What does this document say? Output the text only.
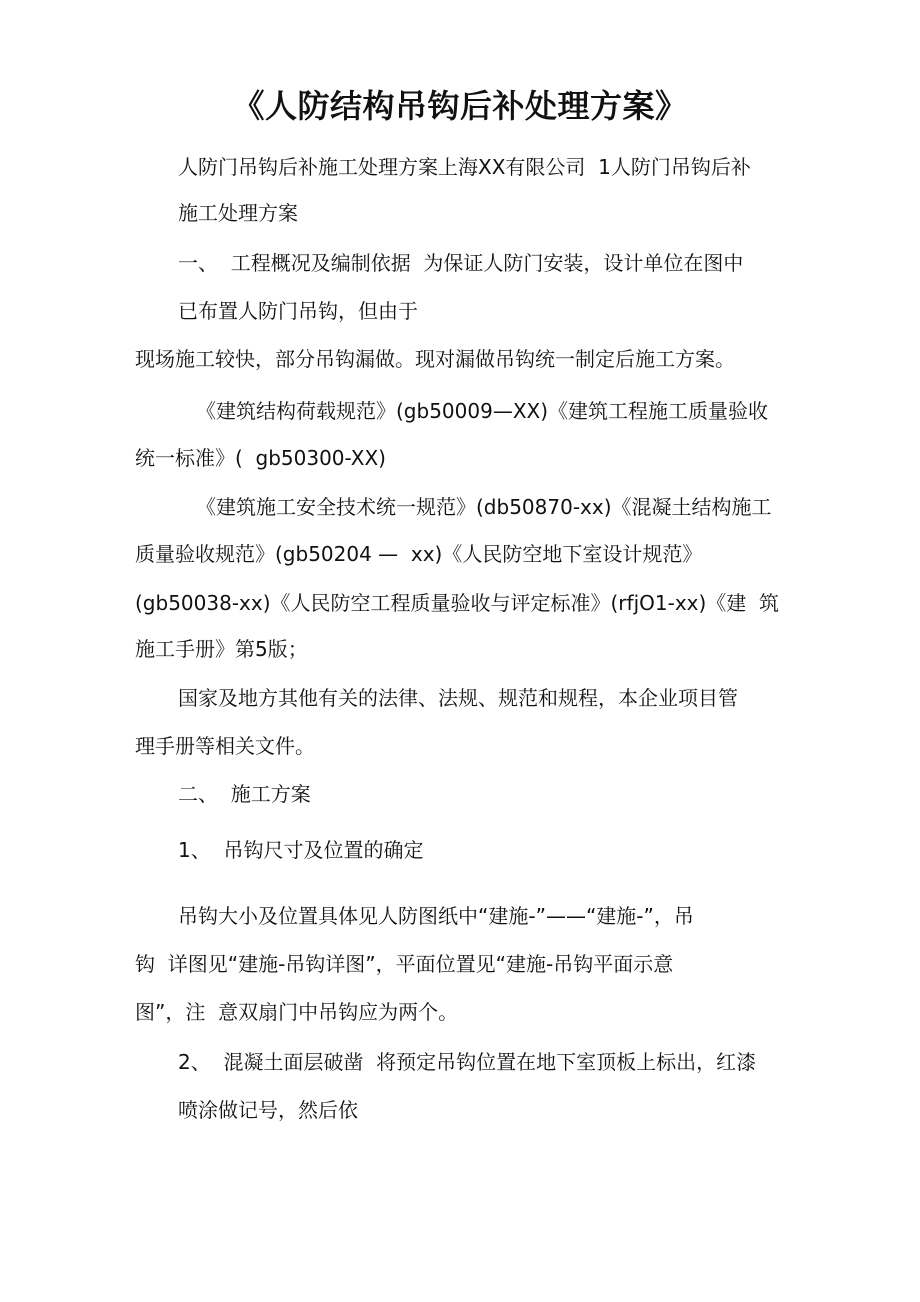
《人防结构吊钩后补处理方案》
人防门吊钩后补施工处理方案上海XX有限公司  1人防门吊钩后补
施工处理方案
一、  工程概况及编制依据  为保证人防门安装，设计单位在图中
已布置人防门吊钩，但由于
现场施工较快，部分吊钩漏做。现对漏做吊钩统一制定后施工方案。
《建筑结构荷载规范》(gb50009—XX)《建筑工程施工质量验收
统一标准》(  gb50300-XX)
《建筑施工安全技术统一规范》(db50870-xx)《混凝土结构施工
质量验收规范》(gb50204 —  xx)《人民防空地下室设计规范》
(gb50038-xx)《人民防空工程质量验收与评定标准》(rfjO1-xx)《建  筑
施工手册》第5版；
国家及地方其他有关的法律、法规、规范和规程，本企业项目管
理手册等相关文件。
二、  施工方案
1、  吊钩尺寸及位置的确定
吊钩大小及位置具体见人防图纸中“建施-”——“建施-”，吊
钩  详图见“建施-吊钩详图”，平面位置见“建施-吊钩平面示意
图”，注  意双扇门中吊钩应为两个。
2、  混凝土面层破凿  将预定吊钩位置在地下室顶板上标出，红漆
喷涂做记号，然后依
